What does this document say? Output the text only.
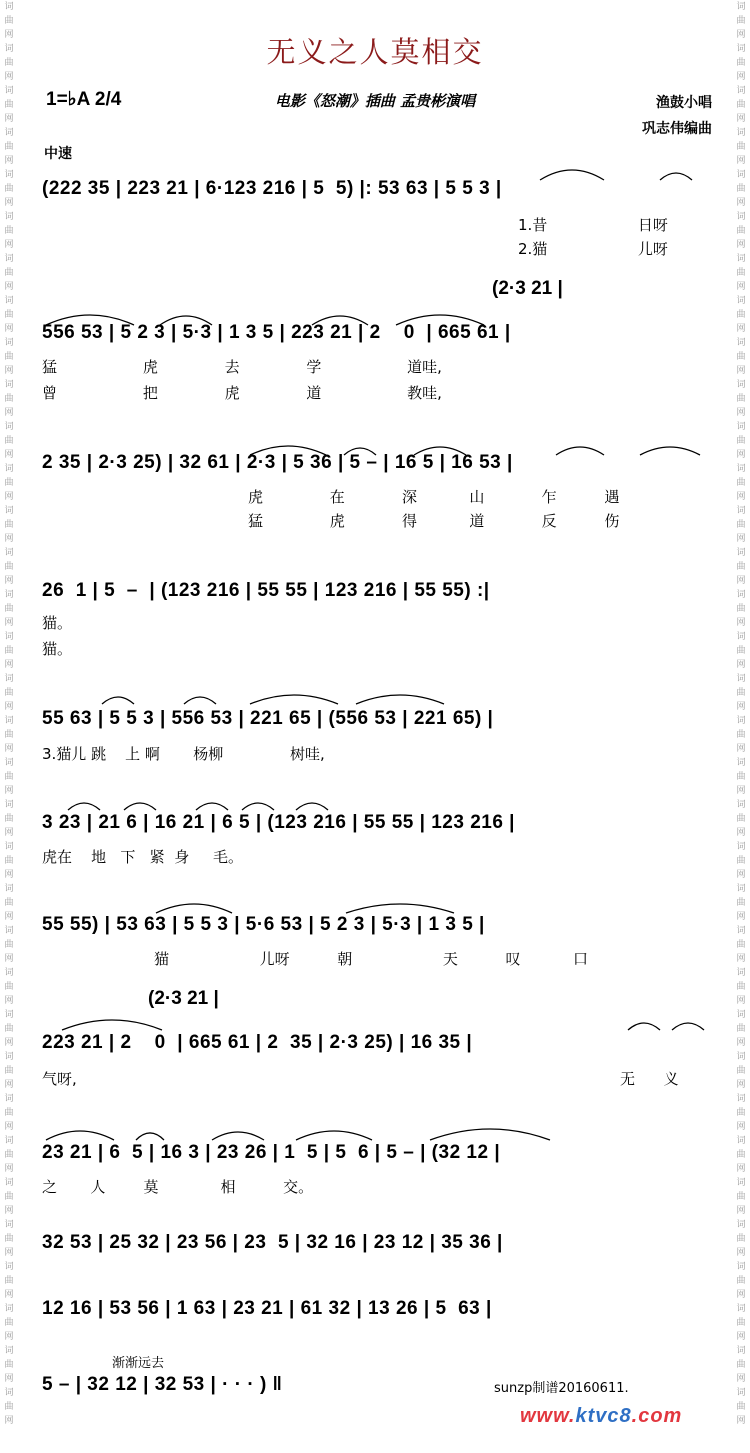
词曲网词曲网词曲网词曲网词曲网词曲网词曲网词曲网词曲网词曲网词曲网词曲网词曲网词曲网词曲网词曲网词曲网词曲网词曲网词曲网词曲网词曲网词曲网词曲网词曲网词曲网词曲网词曲网词曲网词曲网词曲网词曲网词曲网词曲网
词曲网词曲网词曲网词曲网词曲网词曲网词曲网词曲网词曲网词曲网词曲网词曲网词曲网词曲网词曲网词曲网词曲网词曲网词曲网词曲网词曲网词曲网词曲网词曲网词曲网词曲网词曲网词曲网词曲网词曲网词曲网词曲网词曲网词曲网
无义之人莫相交
1=♭A 2/4	电影《怒潮》插曲 孟贵彬演唱	渔鼓小唱
巩志伟编曲
中速
(222 35 | 223 21 | 6·123 216 | 5  5) |: 53 63 | 5 5 3 |
1.昔                   日呀
2.猫                   儿呀
(2·3 21 |
556 53 | 5 2 3 | 5·3 | 1 3 5 | 223 21 | 2    0  | 665 61 |
猛                  虎              去              学                  道哇,
曾                  把              虎              道                  教哇,
2 35 | 2·3 25) | 32 61 | 2·3 | 5 36 | 5 – | 16 5 | 16 53 |
虎              在            深           山            乍          遇
猛              虎            得           道            反          伤
26  1 | 5  –  | (123 216 | 55 55 | 123 216 | 55 55) :|
猫。
猫。
55 63 | 5 5 3 | 556 53 | 221 65 | (556 53 | 221 65) |
3.猫儿 跳    上 啊       杨柳              树哇,
3 23 | 21 6 | 16 21 | 6 5 | (123 216 | 55 55 | 123 216 |
虎在    地   下   紧  身     毛。
55 55) | 53 63 | 5 5 3 | 5·6 53 | 5 2 3 | 5·3 | 1 3 5 |
猫                   儿呀          朝                   天          叹           口
(2·3 21 |
223 21 | 2    0  | 665 61 | 2  35 | 2·3 25) | 16 35 |
气呀,	无      义
23 21 | 6  5 | 16 3 | 23 26 | 1  5 | 5  6 | 5 – | (32 12 |
之       人        莫             相          交。
32 53 | 25 32 | 23 56 | 23  5 | 32 16 | 23 12 | 35 36 |
12 16 | 53 56 | 1 63 | 23 21 | 61 32 | 13 26 | 5  63 |
渐渐远去
5 – | 32 12 | 32 53 | · · · ) ‖	sunzp制谱20160611.
www.ktvc8.com
